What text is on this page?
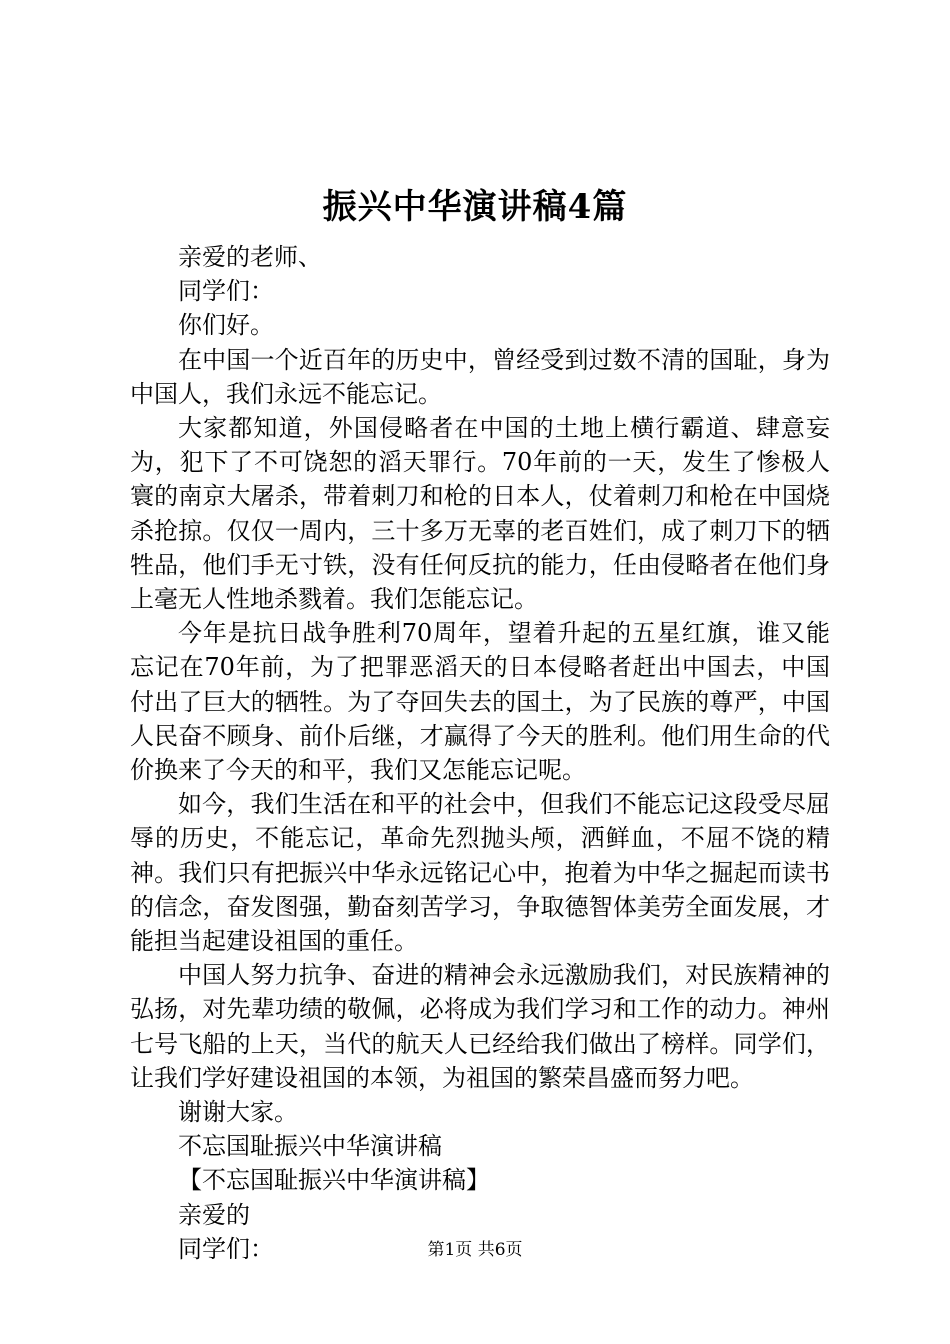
振兴中华演讲稿4篇

亲爱的老师、

同学们：

你们好。

在中国一个近百年的历史中，曾经受到过数不清的国耻，身为中国人，我们永远不能忘记。

大家都知道，外国侵略者在中国的土地上横行霸道、肆意妄为，犯下了不可饶恕的滔天罪行。70年前的一天，发生了惨极人寰的南京大屠杀，带着刺刀和枪的日本人，仗着刺刀和枪在中国烧杀抢掠。仅仅一周内，三十多万无辜的老百姓们，成了刺刀下的牺牲品，他们手无寸铁，没有任何反抗的能力，任由侵略者在他们身上毫无人性地杀戮着。我们怎能忘记。

今年是抗日战争胜利70周年，望着升起的五星红旗，谁又能忘记在70年前，为了把罪恶滔天的日本侵略者赶出中国去，中国付出了巨大的牺牲。为了夺回失去的国土，为了民族的尊严，中国人民奋不顾身、前仆后继，才赢得了今天的胜利。他们用生命的代价换来了今天的和平，我们又怎能忘记呢。

如今，我们生活在和平的社会中，但我们不能忘记这段受尽屈辱的历史，不能忘记，革命先烈抛头颅，洒鲜血，不屈不饶的精神。我们只有把振兴中华永远铭记心中，抱着为中华之掘起而读书的信念，奋发图强，勤奋刻苦学习，争取德智体美劳全面发展，才能担当起建设祖国的重任。

中国人努力抗争、奋进的精神会永远激励我们，对民族精神的弘扬，对先辈功绩的敬佩，必将成为我们学习和工作的动力。神州七号飞船的上天，当代的航天人已经给我们做出了榜样。同学们，让我们学好建设祖国的本领，为祖国的繁荣昌盛而努力吧。

谢谢大家。

不忘国耻振兴中华演讲稿

【不忘国耻振兴中华演讲稿】

亲爱的

同学们：	第1页 共6页
